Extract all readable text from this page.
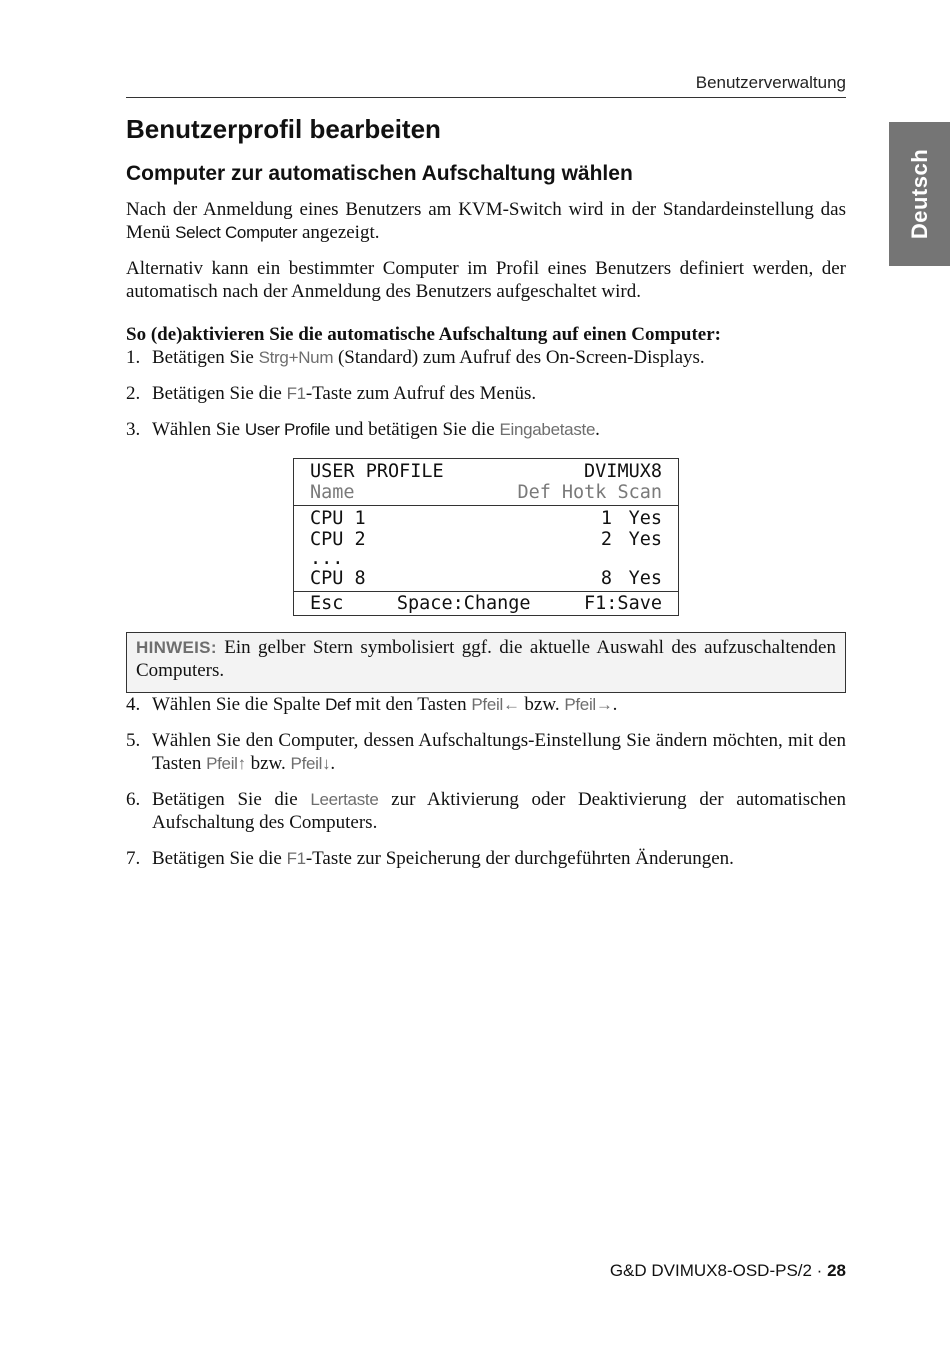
Benutzerverwaltung
Deutsch
Benutzerprofil bearbeiten
Computer zur automatischen Aufschaltung wählen

Nach der Anmeldung eines Benutzers am KVM-Switch wird in der Standardeinstellung das Menü Select Computer angezeigt.

Alternativ kann ein bestimmter Computer im Profil eines Benutzers definiert werden, der automatisch nach der Anmeldung des Benutzers aufgeschaltet wird.

So (de)aktivieren Sie die automatische Aufschaltung auf einen Computer:
1. Betätigen Sie Strg+Num (Standard) zum Aufruf des On-Screen-Displays.
2. Betätigen Sie die F1-Taste zum Aufruf des Menüs.
3. Wählen Sie User Profile und betätigen Sie die Eingabetaste.
USER PROFILE	DVIMUX8
Name	Def Hotk Scan
CPU 1	1 Yes
CPU 2	2 Yes
...
CPU 8	8 Yes
Esc	Space:Change	F1:Save
HINWEIS: Ein gelber Stern symbolisiert ggf. die aktuelle Auswahl des aufzuschaltenden Computers.
4. Wählen Sie die Spalte Def mit den Tasten Pfeil← bzw. Pfeil→.
5. Wählen Sie den Computer, dessen Aufschaltungs-Einstellung Sie ändern möchten, mit den Tasten Pfeil↑ bzw. Pfeil↓.
6. Betätigen Sie die Leertaste zur Aktivierung oder Deaktivierung der automatischen Aufschaltung des Computers.
7. Betätigen Sie die F1-Taste zur Speicherung der durchgeführten Änderungen.
G&D DVIMUX8-OSD-PS/2 · 28
